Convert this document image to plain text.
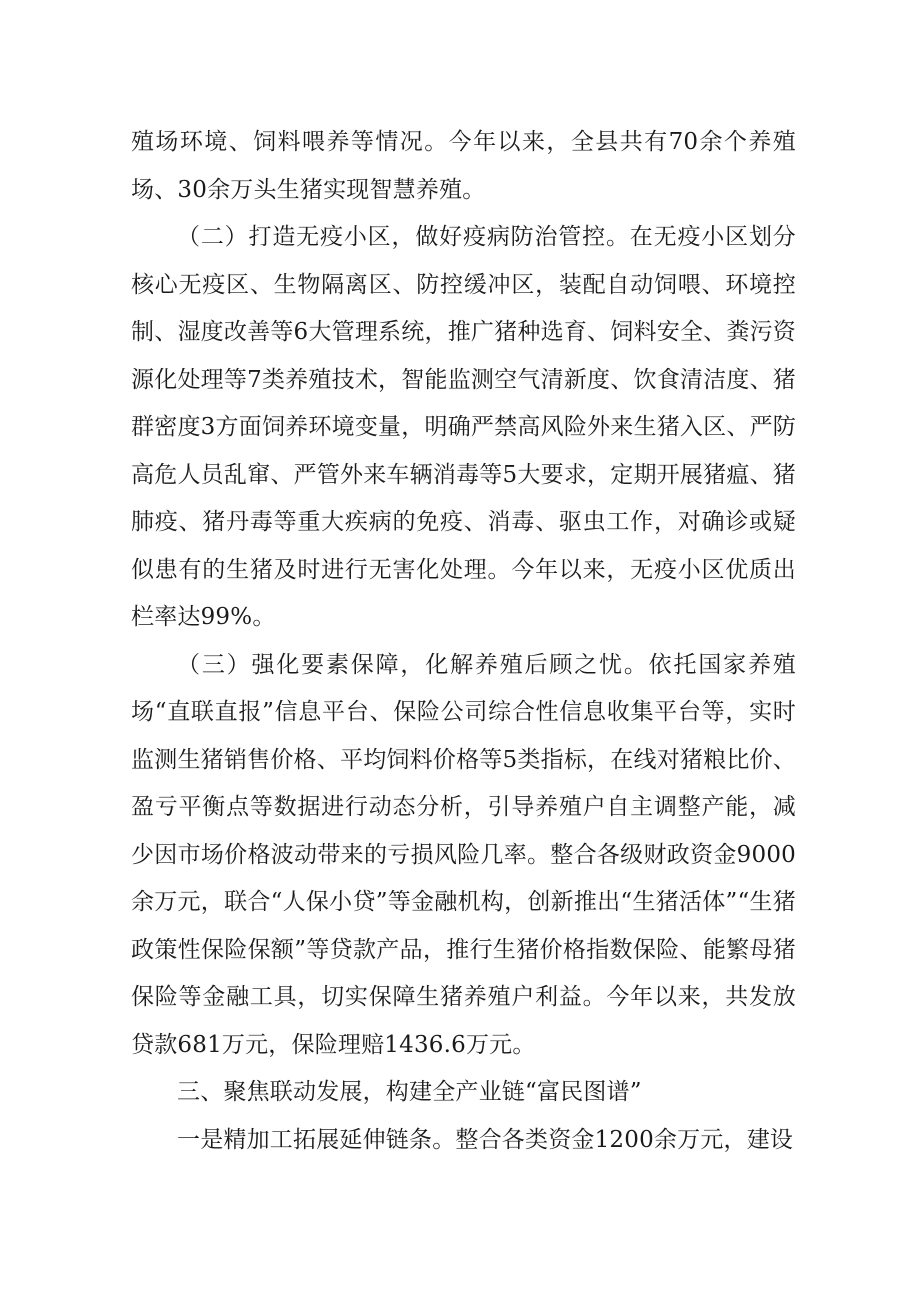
殖场环境、饲料喂养等情况。今年以来，全县共有70余个养殖场、30余万头生猪实现智慧养殖。

（二）打造无疫小区，做好疫病防治管控。在无疫小区划分核心无疫区、生物隔离区、防控缓冲区，装配自动饲喂、环境控制、湿度改善等6大管理系统，推广猪种选育、饲料安全、粪污资源化处理等7类养殖技术，智能监测空气清新度、饮食清洁度、猪群密度3方面饲养环境变量，明确严禁高风险外来生猪入区、严防高危人员乱窜、严管外来车辆消毒等5大要求，定期开展猪瘟、猪肺疫、猪丹毒等重大疾病的免疫、消毒、驱虫工作，对确诊或疑似患有的生猪及时进行无害化处理。今年以来，无疫小区优质出栏率达99%。

（三）强化要素保障，化解养殖后顾之忧。依托国家养殖场“直联直报”信息平台、保险公司综合性信息收集平台等，实时监测生猪销售价格、平均饲料价格等5类指标，在线对猪粮比价、盈亏平衡点等数据进行动态分析，引导养殖户自主调整产能，减少因市场价格波动带来的亏损风险几率。整合各级财政资金9000余万元，联合“人保小贷”等金融机构，创新推出“生猪活体”“生猪政策性保险保额”等贷款产品，推行生猪价格指数保险、能繁母猪保险等金融工具，切实保障生猪养殖户利益。今年以来，共发放贷款681万元，保险理赔1436.6万元。

三、聚焦联动发展，构建全产业链“富民图谱”

一是精加工拓展延伸链条。整合各类资金1200余万元，建设
